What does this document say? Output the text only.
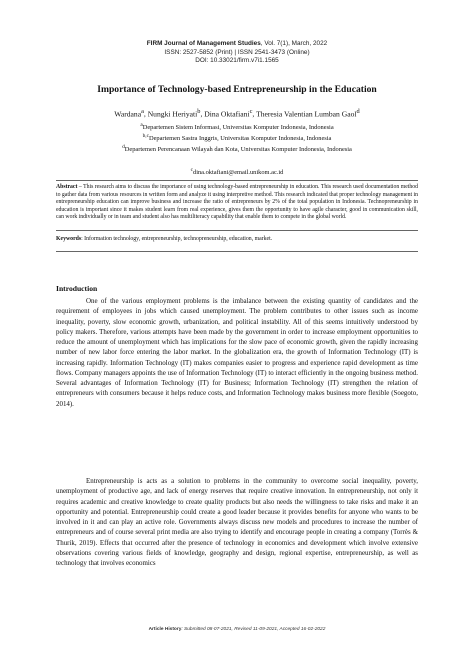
FIRM Journal of Management Studies, Vol. 7(1), March, 2022
ISSN: 2527-5852 (Print) | ISSN 2541-3473 (Online)
DOI: 10.33021/firm.v7i1.1565
Importance of Technology-based Entrepreneurship in the Education
Wardana$^a$, Nungki Heriyati$^b$, Dina Oktafiani$^c$, Theresia Valentian Lumban Gaol$^d$
$^a$Departemen Sistem Informasi, Universitas Komputer Indonesia, Indonesia
$^{b,c}$Departemen Sastra Inggris, Universitas Komputer Indonesia, Indonesia
$^d$Departemen Perencanaan Wilayah dan Kota, Universitas Komputer Indonesia, Indonesia
$^c$dina.oktafiani@email.unikom.ac.id
Abstract – This research aims to discuss the importance of using technology-based entrepreneurship in education. This research used documentation method to gather data from various resources in written form and analyze it using interpretive method. This research indicated that proper technology management in entrepreneurship education can improve business and increase the ratio of entrepreneurs by 2% of the total population in Indonesia. Technopreneurship in education is important since it makes student learn from real experience, gives them the opportunity to have agile character, good in communication skill, can work individually or in team and student also has multiliteracy capability that enable them to compete in the global world.
Keywords: Information technology, entrepreneurship, technopreneurship, education, market.
Introduction

One of the various employment problems is the imbalance between the existing quantity of candidates and the requirement of employees in jobs which caused unemployment. The problem contributes to other issues such as income inequality, poverty, slow economic growth, urbanization, and political instability. All of this seems intuitively understood by policy makers. Therefore, various attempts have been made by the government in order to increase employment opportunities to reduce the amount of unemployment which has implications for the slow pace of economic growth, given the rapidly increasing number of new labor force entering the labor market. In the globalization era, the growth of Information Technology (IT) is increasing rapidly. Information Technology (IT) makes companies easier to progress and experience rapid development as time flows. Company managers appoints the use of Information Technology (IT) to interact efficiently in the ongoing business method. Several advantages of Information Technology (IT) for Business; Information Technology (IT) strengthen the relation of entrepreneurs with consumers because it helps reduce costs, and Information Technology makes business more flexible (Soegoto, 2014).

Entrepreneurship is acts as a solution to problems in the community to overcome social inequality, poverty, unemployment of productive age, and lack of energy reserves that require creative innovation. In entrepreneurship, not only it requires academic and creative knowledge to create quality products but also needs the willingness to take risks and make it an opportunity and potential. Entrepreneurship could create a good leader because it provides benefits for anyone who wants to be involved in it and can play an active role. Governments always discuss new models and procedures to increase the number of entrepreneurs and of course several print media are also trying to identify and encourage people in creating a company (Torrès & Thurik, 2019). Effects that occurred after the presence of technology in economics and development which involve extensive observations covering various fields of knowledge, geography and design, regional expertise, entrepreneurship, as well as technology that involves economics

Article History: Submitted 08-07-2021, Revised 11-09-2021, Accepted 16-02-2022
